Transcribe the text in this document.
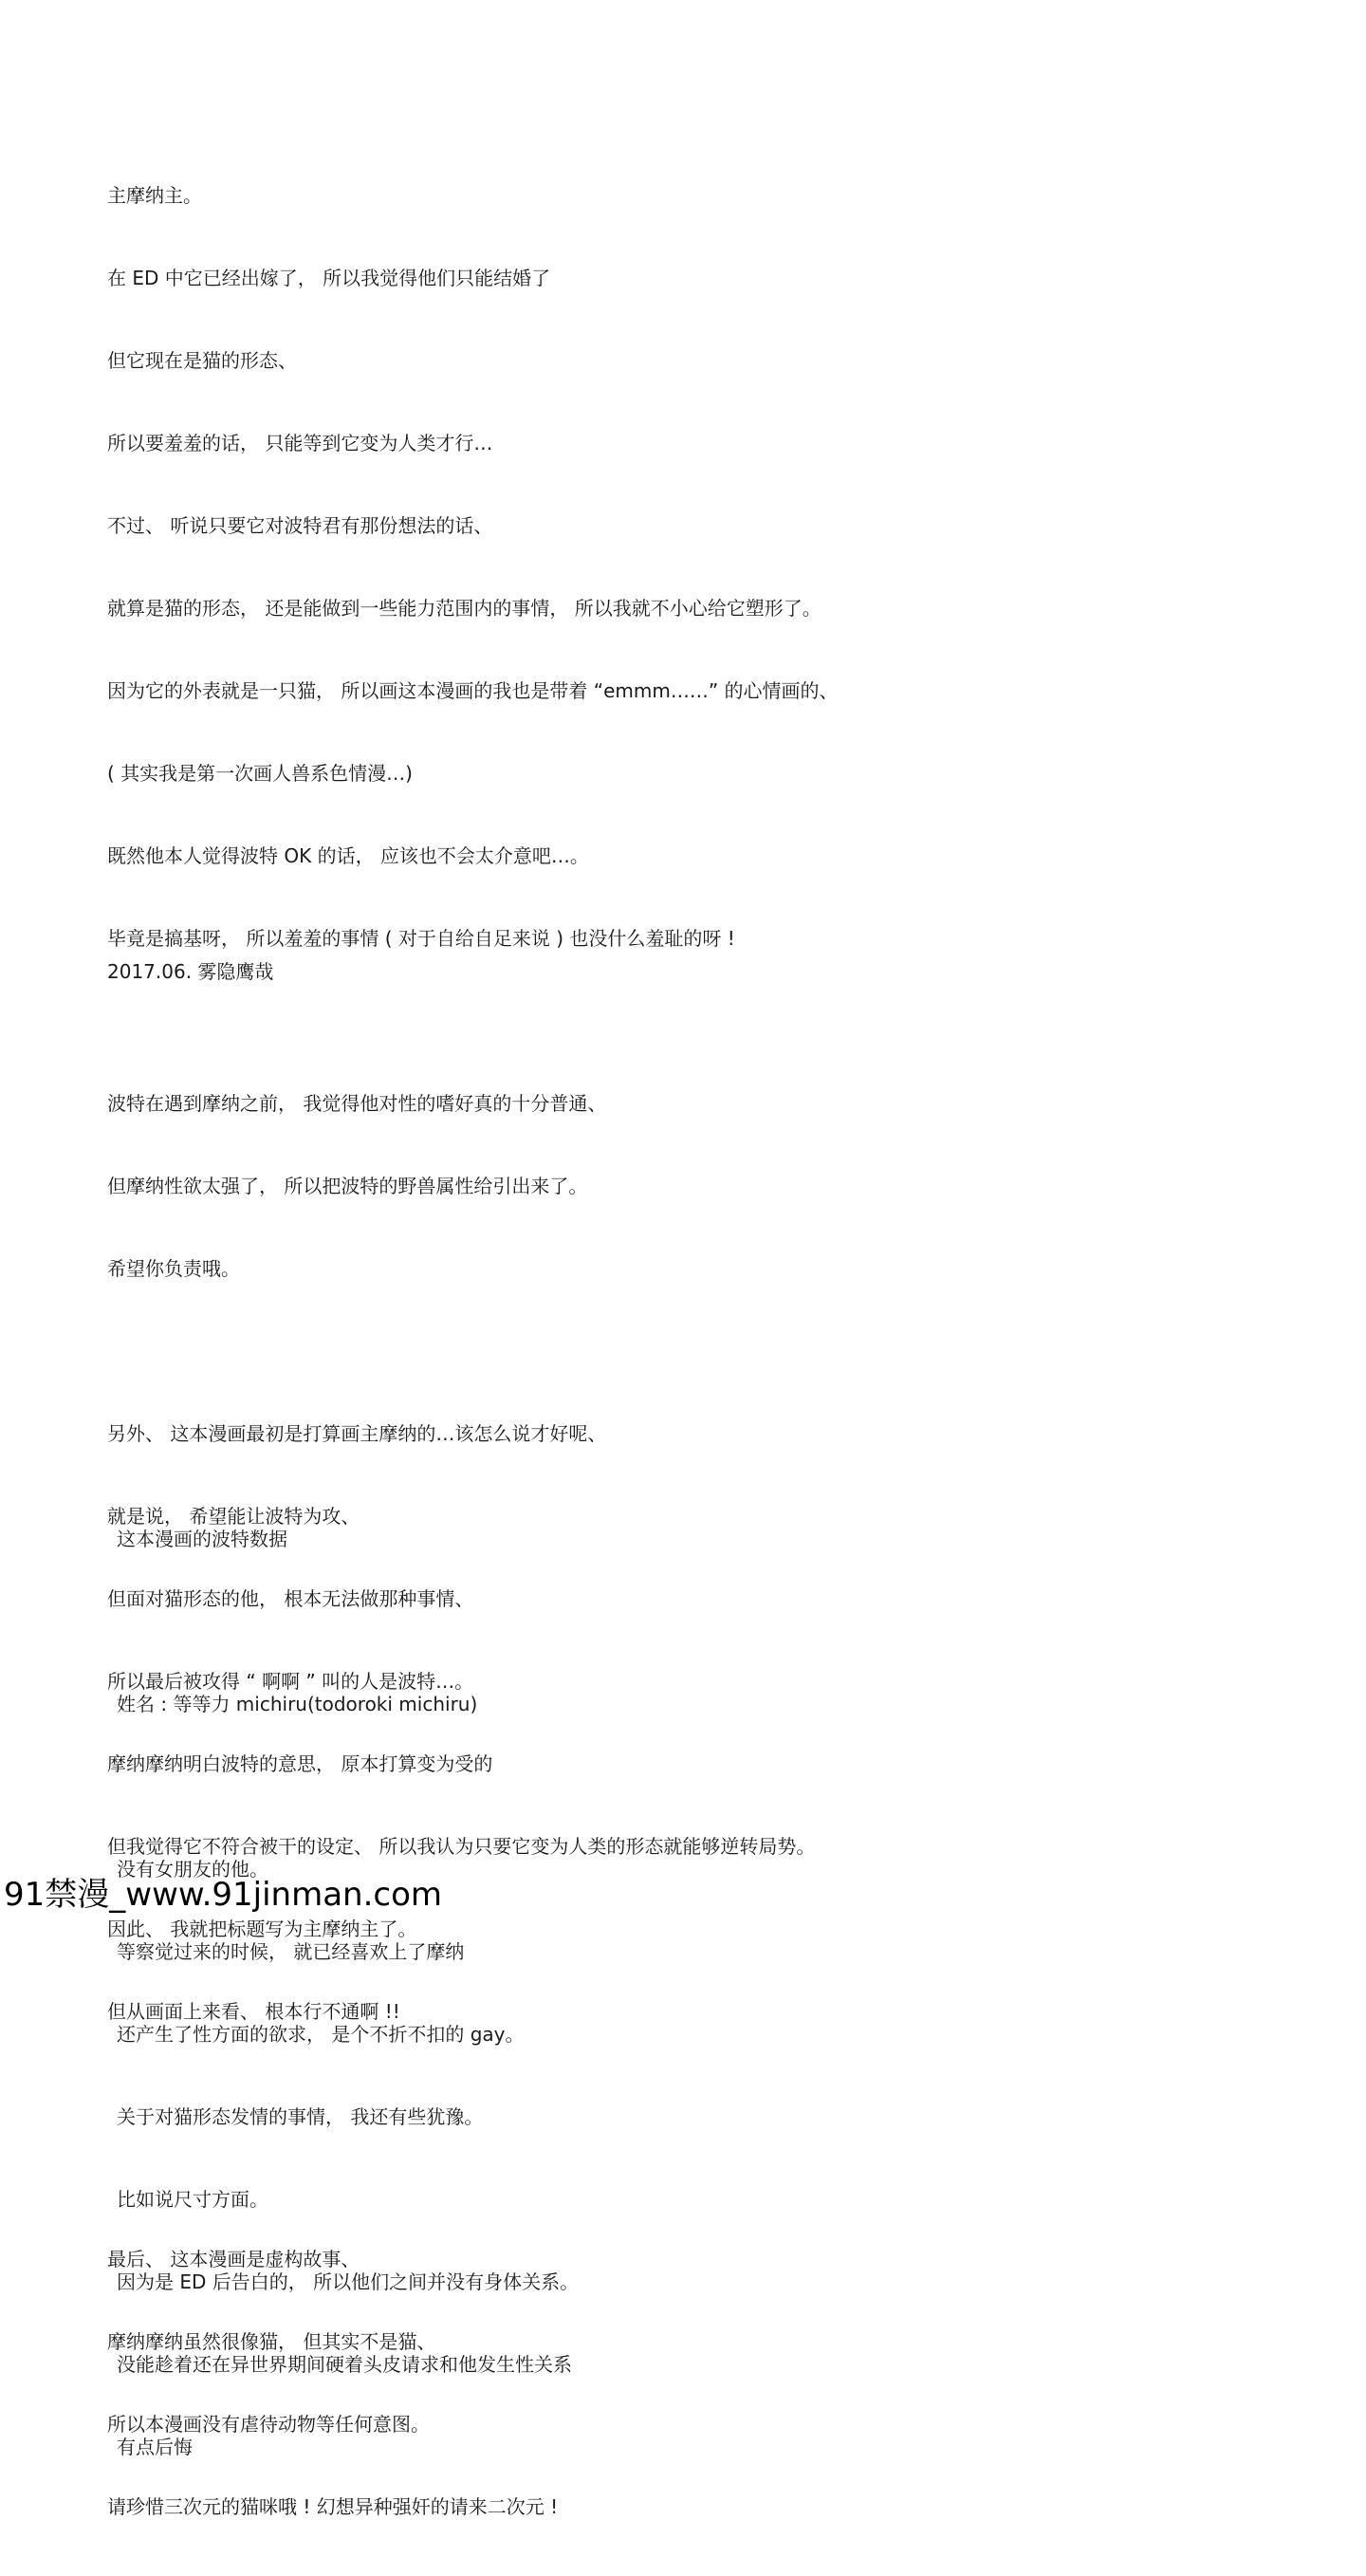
主摩纳主。

在 ED 中它已经出嫁了， 所以我觉得他们只能结婚了

但它现在是猫的形态、

所以要羞羞的话， 只能等到它变为人类才行…

不过、 听说只要它对波特君有那份想法的话、

就算是猫的形态， 还是能做到一些能力范围内的事情， 所以我就不小心给它塑形了。

因为它的外表就是一只猫， 所以画这本漫画的我也是带着 “emmm……” 的心情画的、

( 其实我是第一次画人兽系色情漫…)

既然他本人觉得波特 OK 的话， 应该也不会太介意吧…。

毕竟是搞基呀， 所以羞羞的事情 ( 对于自给自足来说 ) 也没什么羞耻的呀 !

波特在遇到摩纳之前， 我觉得他对性的嗜好真的十分普通、

但摩纳性欲太强了， 所以把波特的野兽属性给引出来了。

希望你负责哦。

另外、 这本漫画最初是打算画主摩纳的…该怎么说才好呢、

就是说， 希望能让波特为攻、

但面对猫形态的他， 根本无法做那种事情、

所以最后被攻得 “ 啊啊 ” 叫的人是波特…。

摩纳摩纳明白波特的意思， 原本打算变为受的

但我觉得它不符合被干的设定、 所以我认为只要它变为人类的形态就能够逆转局势。

因此、 我就把标题写为主摩纳主了。

但从画面上来看、 根本行不通啊 !!

最后、 这本漫画是虚构故事、

摩纳摩纳虽然很像猫， 但其实不是猫、

所以本漫画没有虐待动物等任何意图。

请珍惜三次元的猫咪哦 ! 幻想异种强奸的请来二次元 !

2017.06. 雾隐鹰哉

这本漫画的波特数据

姓名 : 等等力 michiru(todoroki michiru)

没有女朋友的他。

等察觉过来的时候， 就已经喜欢上了摩纳

还产生了性方面的欲求， 是个不折不扣的 gay。

关于对猫形态发情的事情， 我还有些犹豫。

比如说尺寸方面。

因为是 ED 后告白的， 所以他们之间并没有身体关系。

没能趁着还在异世界期间硬着头皮请求和他发生性关系

有点后悔

91禁漫_www.91jinman.com
